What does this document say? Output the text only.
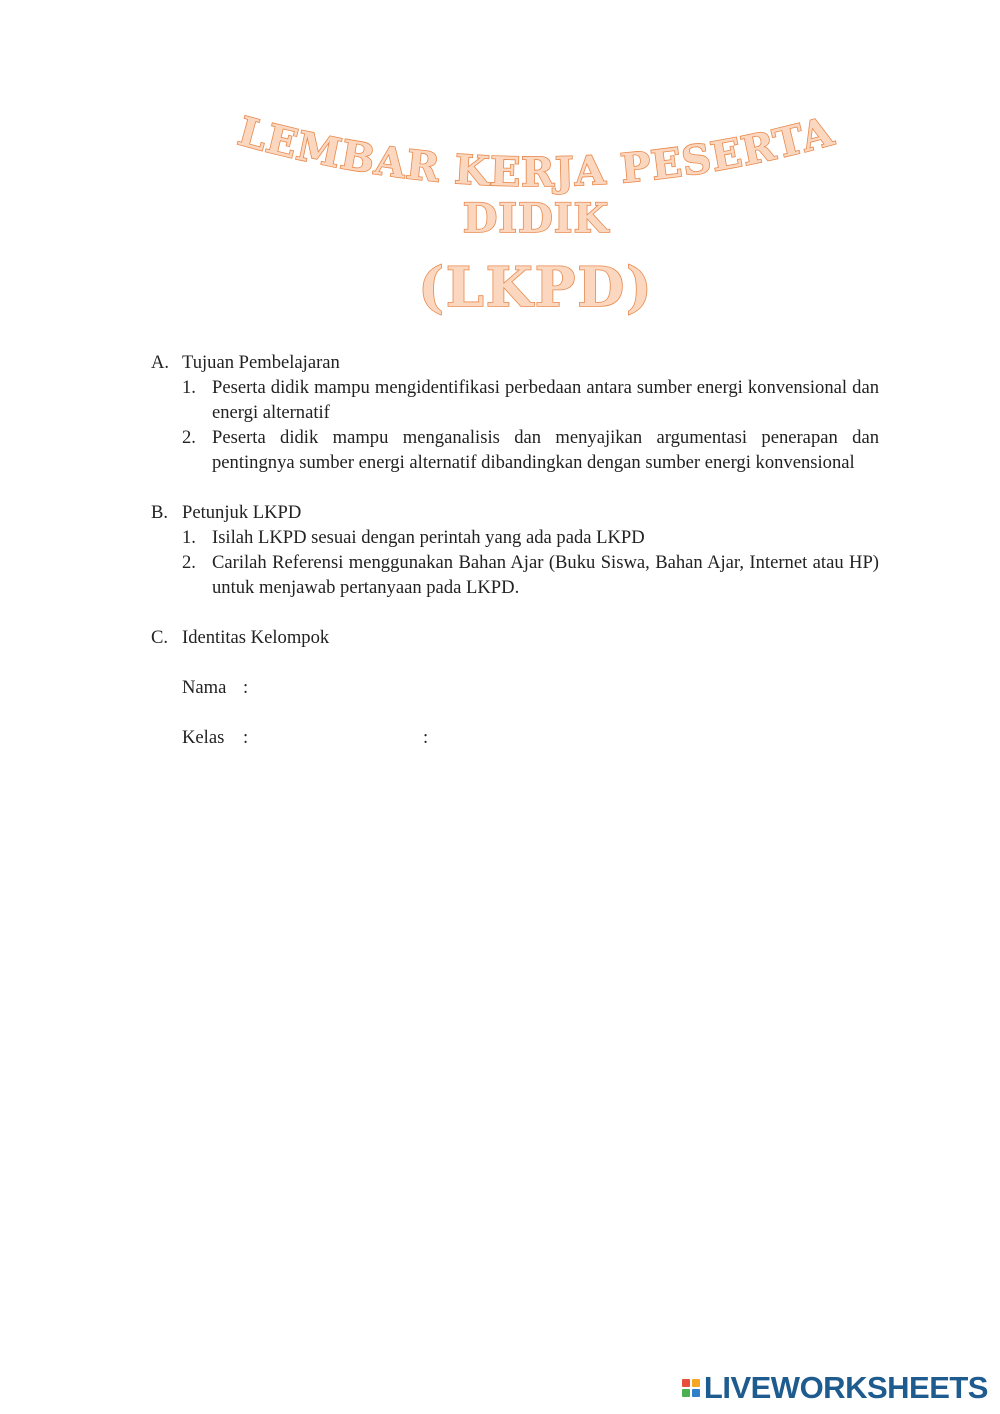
LEMBAR KERJA PESERTA
DIDIK
(LKPD)
A. Tujuan Pembelajaran
1. Peserta didik mampu mengidentifikasi perbedaan antara sumber energi konvensional dan energi alternatif
2. Peserta didik mampu menganalisis dan menyajikan argumentasi penerapan dan pentingnya sumber energi alternatif dibandingkan dengan sumber energi konvensional
B. Petunjuk LKPD
1. Isilah LKPD sesuai dengan perintah yang ada pada LKPD
2. Carilah Referensi menggunakan Bahan Ajar (Buku Siswa, Bahan Ajar, Internet atau HP) untuk menjawab pertanyaan pada LKPD.
C. Identitas Kelompok
Nama :
Kelas	:	:
LIVEWORKSHEETS
